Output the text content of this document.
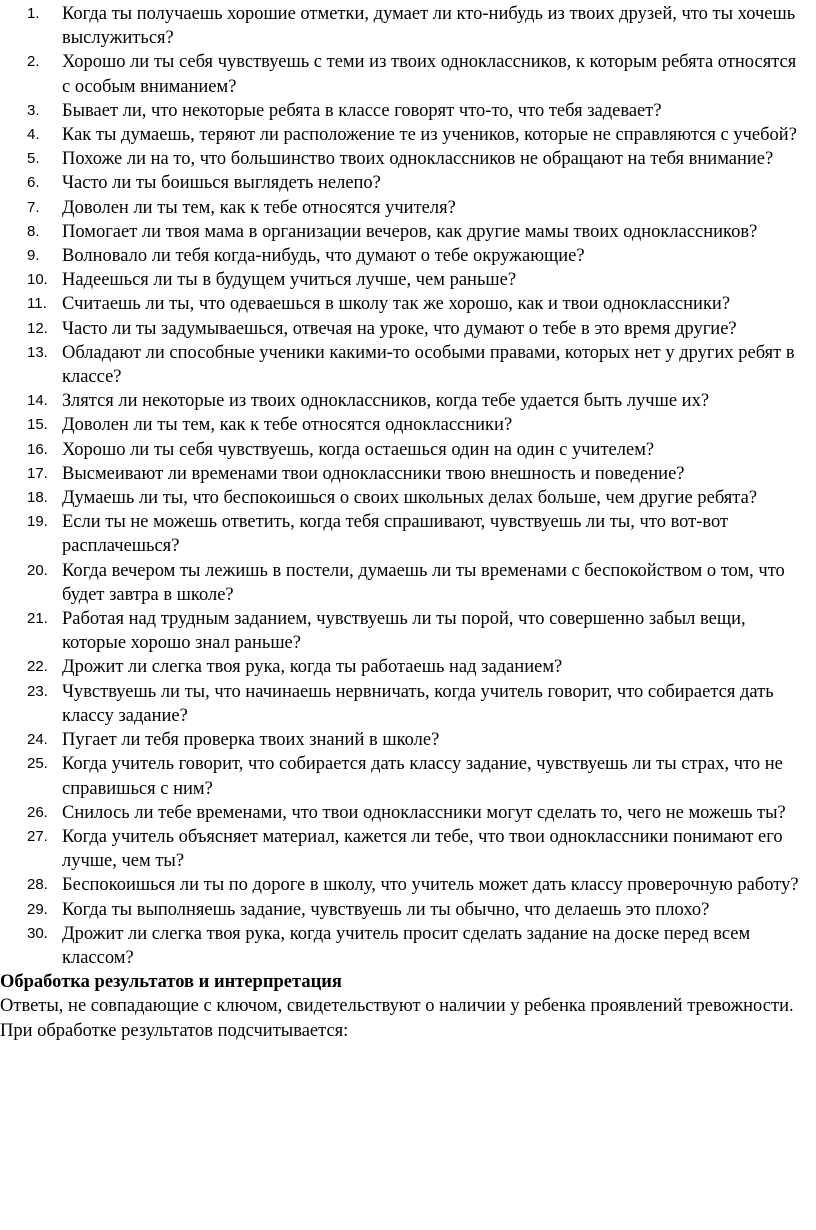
1.	Когда ты получаешь хорошие отметки, думает ли кто-нибудь из твоих друзей, что ты хочешь выслужиться?
2.	Хорошо ли ты себя чувствуешь с теми из твоих одноклассников, к которым ребята относятся с особым вниманием?
3.	Бывает ли, что некоторые ребята в классе говорят что-то, что тебя задевает?
4.	Как ты думаешь, теряют ли расположение те из учеников, которые не справляются с учебой?
5.	Похоже ли на то, что большинство твоих одноклассников не обращают на тебя внимание?
6.	Часто ли ты боишься выглядеть нелепо?
7.	Доволен ли ты тем, как к тебе относятся учителя?
8.	Помогает ли твоя мама в организации вечеров, как другие мамы твоих одноклассников?
9.	Волновало ли тебя когда-нибудь, что думают о тебе окружающие?
10. Надеешься ли ты в будущем учиться лучше, чем раньше?
11. Считаешь ли ты, что одеваешься в школу так же хорошо, как и твои одноклассники?
12. Часто ли ты задумываешься, отвечая на уроке, что думают о тебе в это время другие?
13. Обладают ли способные ученики какими-то особыми правами, которых нет у других ребят в классе?
14. Злятся ли некоторые из твоих одноклассников, когда тебе удается быть лучше их?
15. Доволен ли ты тем, как к тебе относятся одноклассники?
16. Хорошо ли ты себя чувствуешь, когда остаешься один на один с учителем?
17. Высмеивают ли временами твои одноклассники твою внешность и поведение?
18. Думаешь ли ты, что беспокоишься о своих школьных делах больше, чем другие ребята?
19. Если ты не можешь ответить, когда тебя спрашивают, чувствуешь ли ты, что вот-вот расплачешься?
20. Когда вечером ты лежишь в постели, думаешь ли ты временами с беспокойством о том, что будет завтра в школе?
21. Работая над трудным заданием, чувствуешь ли ты порой, что совершенно забыл вещи, которые хорошо знал раньше?
22. Дрожит ли слегка твоя рука, когда ты работаешь над заданием?
23. Чувствуешь ли ты, что начинаешь нервничать, когда учитель говорит, что собирается дать классу задание?
24. Пугает ли тебя проверка твоих знаний в школе?
25. Когда учитель говорит, что собирается дать классу задание, чувствуешь ли ты страх, что не справишься с ним?
26. Снилось ли тебе временами, что твои одноклассники могут сделать то, чего не можешь ты?
27. Когда учитель объясняет материал, кажется ли тебе, что твои одноклассники понимают его лучше, чем ты?
28. Беспокоишься ли ты по дороге в школу, что учитель может дать классу проверочную работу?
29. Когда ты выполняешь задание, чувствуешь ли ты обычно, что делаешь это плохо?
30. Дрожит ли слегка твоя рука, когда учитель просит сделать задание на доске перед всем классом?

Обработка результатов и интерпретация

Ответы, не совпадающие с ключом, свидетельствуют о наличии у ребенка проявлений тревожности. При обработке результатов подсчитывается:
